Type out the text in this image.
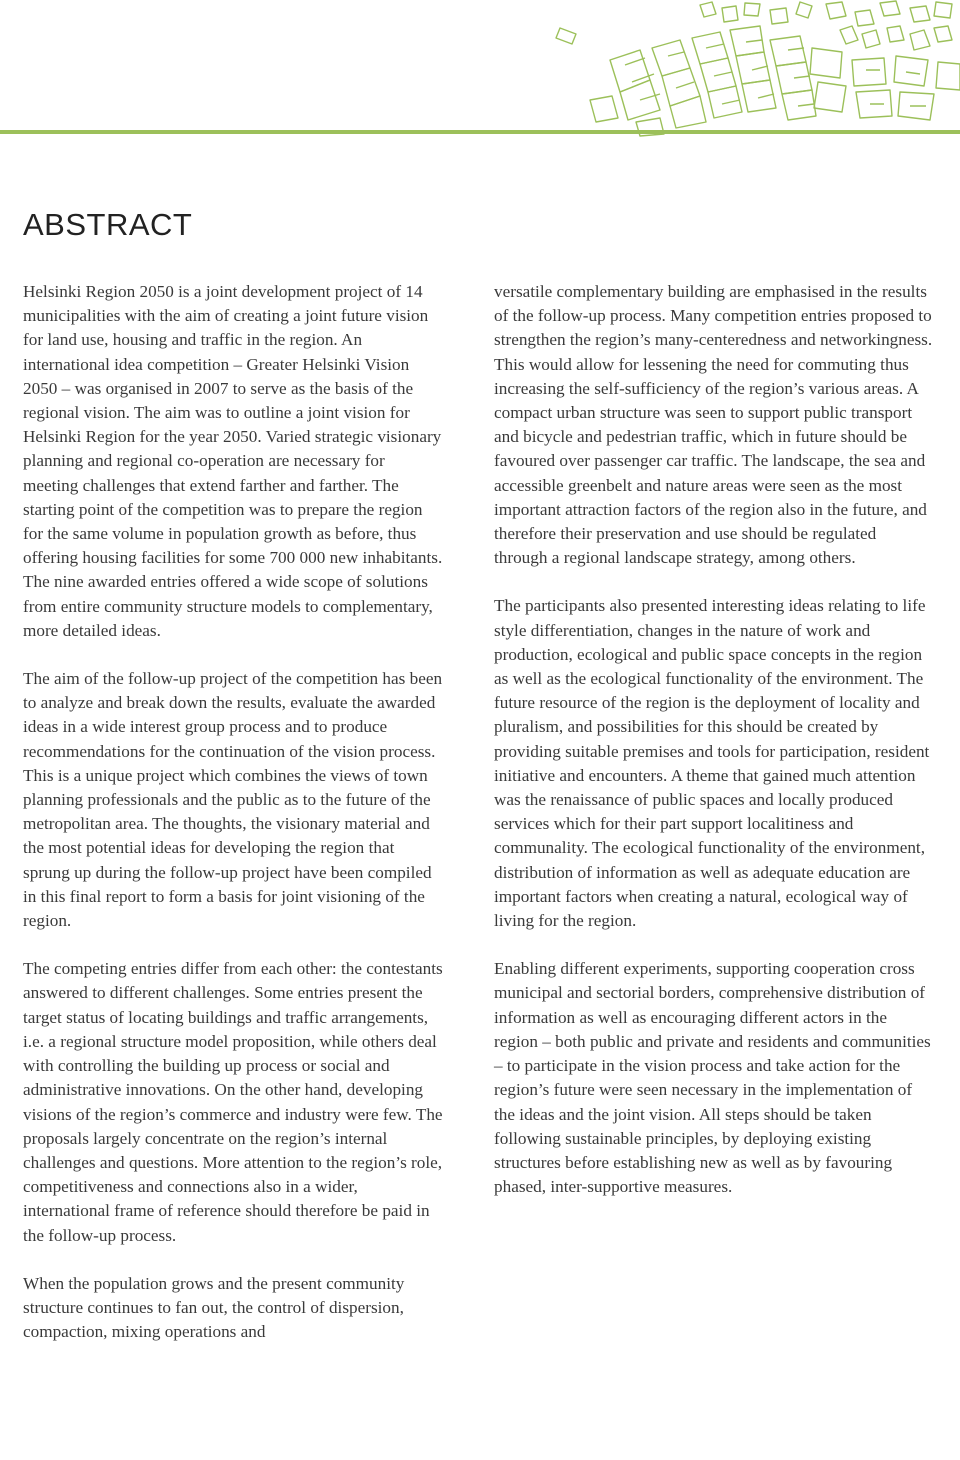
ABSTRACT

Helsinki Region 2050 is a joint development project of 14 municipalities with the aim of creating a joint future vision for land use, housing and traffic in the region. An international idea competition – Greater Helsinki Vision 2050 – was organised in 2007 to serve as the basis of the regional vision. The aim was to outline a joint vision for Helsinki Region for the year 2050. Varied strategic visionary planning and regional co-operation are necessary for meeting challenges that extend farther and farther. The starting point of the competition was to prepare the region for the same volume in population growth as before, thus offering housing facilities for some 700 000 new inhabitants. The nine awarded entries offered a wide scope of solutions from entire community structure models to complementary, more detailed ideas.

The aim of the follow-up project of the competition has been to analyze and break down the results, evaluate the awarded ideas in a wide interest group process and to produce recommendations for the continuation of the vision process. This is a unique project which combines the views of town planning professionals and the public as to the future of the metropolitan area. The thoughts, the visionary material and the most potential ideas for developing the region that sprung up during the follow-up project have been compiled in this final report to form a basis for joint visioning of the region.

The competing entries differ from each other: the contestants answered to different challenges. Some entries present the target status of locating buildings and traffic arrangements, i.e. a regional structure model proposition, while others deal with controlling the building up process or social and administrative innovations. On the other hand, developing visions of the region’s commerce and industry were few. The proposals largely concentrate on the region’s internal challenges and questions. More attention to the region’s role, competitiveness and connections also in a wider, international frame of reference should therefore be paid in the follow-up process.

When the population grows and the present community structure continues to fan out, the control of dispersion, compaction, mixing operations and

versatile complementary building are emphasised in the results of the follow-up process. Many competition entries proposed to strengthen the region’s many-centeredness and networkingness. This would allow for lessening the need for commuting thus increasing the self-sufficiency of the region’s various areas. A compact urban structure was seen to support public transport and bicycle and pedestrian traffic, which in future should be favoured over passenger car traffic. The landscape, the sea and accessible greenbelt and nature areas were seen as the most important attraction factors of the region also in the future, and therefore their preservation and use should be regulated through a regional landscape strategy, among others.

The participants also presented interesting ideas relating to life style differentiation, changes in the nature of work and production, ecological and public space concepts in the region as well as the ecological functionality of the environment. The future resource of the region is the deployment of locality and pluralism, and possibilities for this should be created by providing suitable premises and tools for participation, resident initiative and encounters. A theme that gained much attention was the renaissance of public spaces and locally produced services which for their part support localitiness and communality. The ecological functionality of the environment, distribution of information as well as adequate education are important factors when creating a natural, ecological way of living for the region.

Enabling different experiments, supporting cooperation cross municipal and sectorial borders, comprehensive distribution of information as well as encouraging different actors in the region – both public and private and residents and communities – to participate in the vision process and take action for the region’s future were seen necessary in the implementation of the ideas and the joint vision. All steps should be taken following sustainable principles, by deploying existing structures before establishing new as well as by favouring phased, inter-supportive measures.
